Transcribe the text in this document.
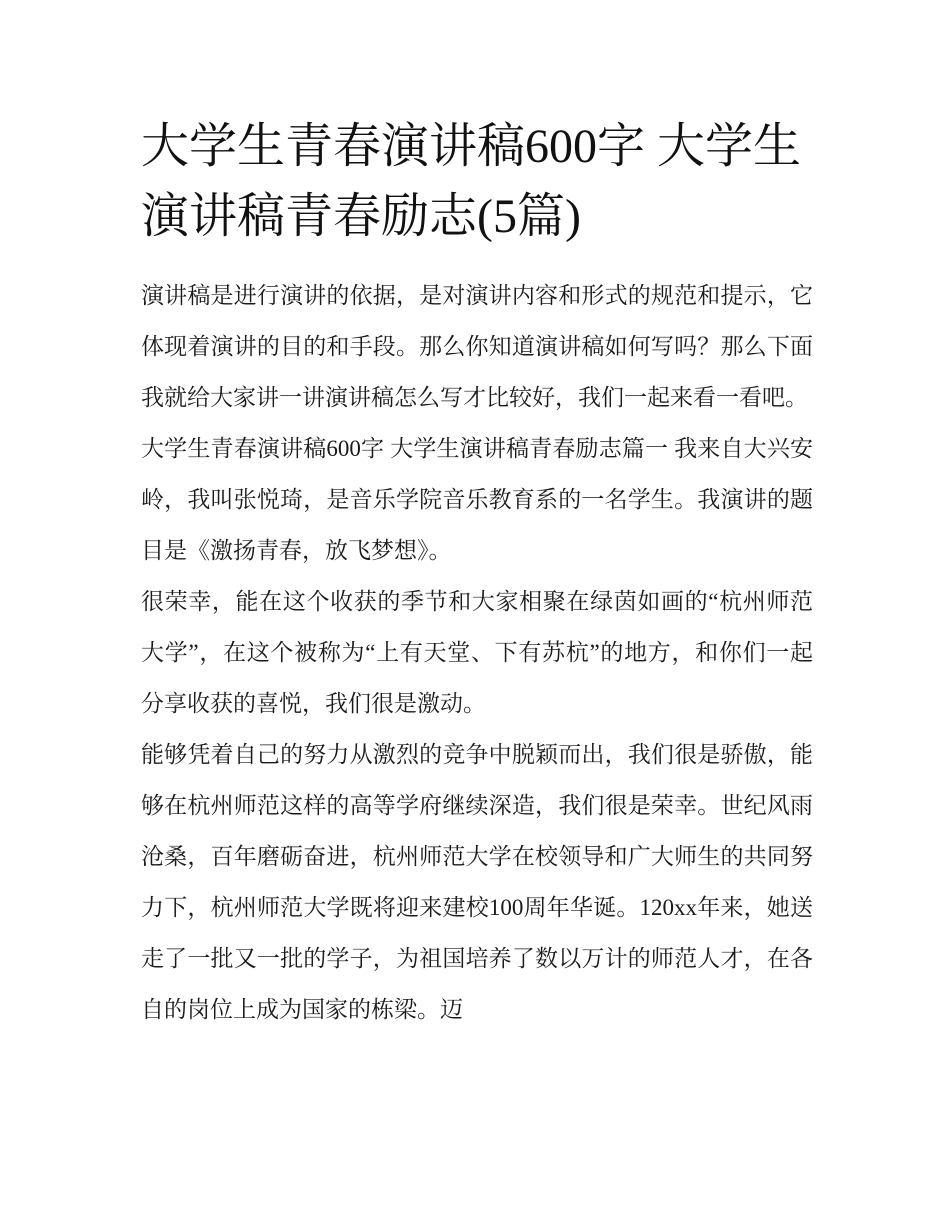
大学生青春演讲稿600字 大学生演讲稿青春励志(5篇)

演讲稿是进行演讲的依据，是对演讲内容和形式的规范和提示，它体现着演讲的目的和手段。那么你知道演讲稿如何写吗？那么下面我就给大家讲一讲演讲稿怎么写才比较好，我们一起来看一看吧。

大学生青春演讲稿600字 大学生演讲稿青春励志篇一 我来自大兴安岭，我叫张悦琦，是音乐学院音乐教育系的一名学生。我演讲的题目是《激扬青春，放飞梦想》。

很荣幸，能在这个收获的季节和大家相聚在绿茵如画的“杭州师范大学”，在这个被称为“上有天堂、下有苏杭”的地方，和你们一起分享收获的喜悦，我们很是激动。

能够凭着自己的努力从激烈的竞争中脱颖而出，我们很是骄傲，能够在杭州师范这样的高等学府继续深造，我们很是荣幸。世纪风雨沧桑，百年磨砺奋进，杭州师范大学在校领导和广大师生的共同努力下，杭州师范大学既将迎来建校100周年华诞。120xx年来，她送走了一批又一批的学子，为祖国培养了数以万计的师范人才，在各自的岗位上成为国家的栋梁。迈
